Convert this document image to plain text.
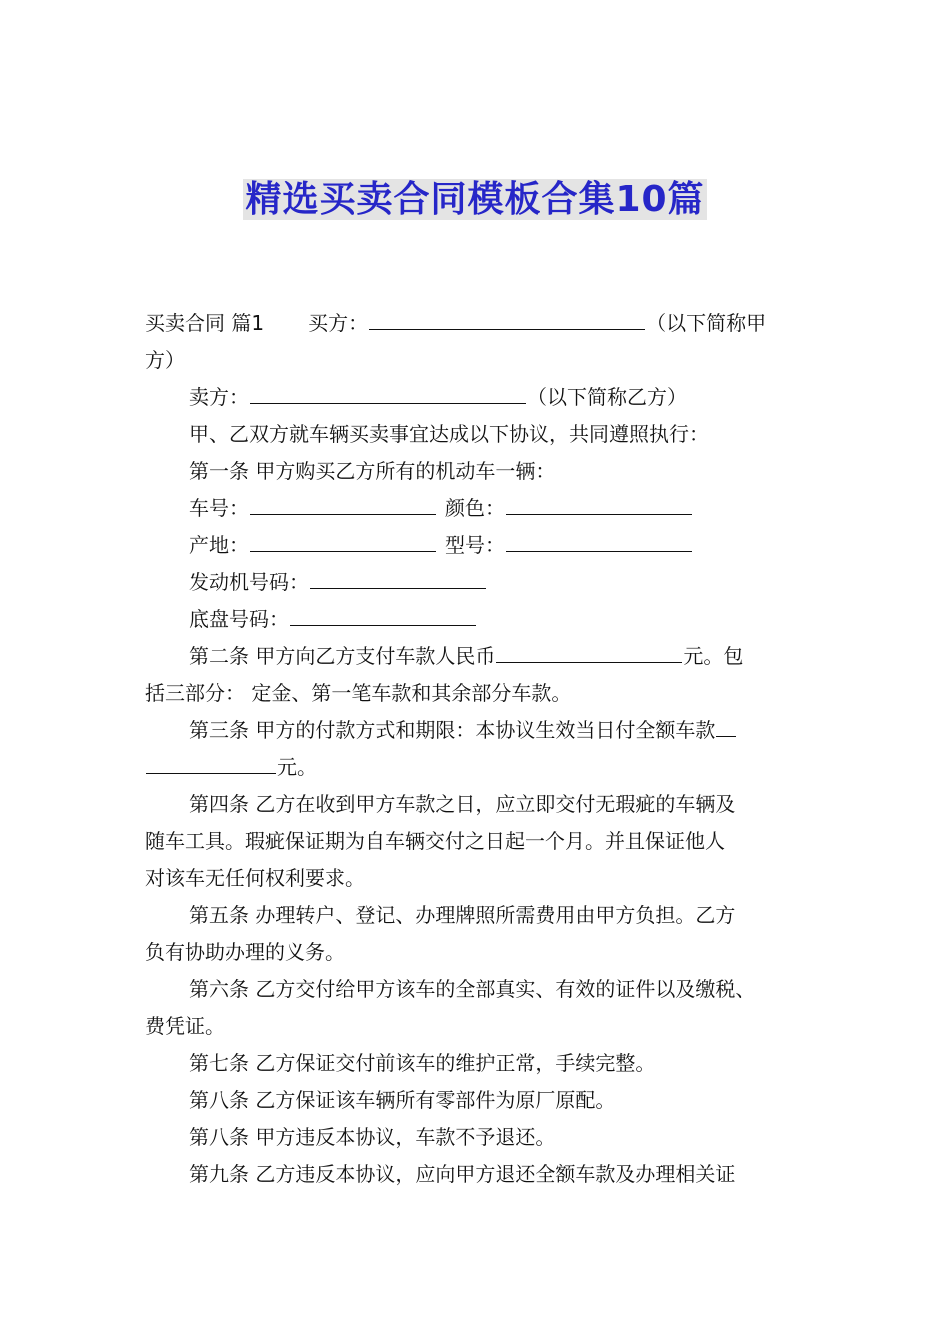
精选买卖合同模板合集10篇
买卖合同 篇1 买方：	（以下简称甲
方）
卖方：	（以下简称乙方）
甲、乙双方就车辆买卖事宜达成以下协议，共同遵照执行：
第一条 甲方购买乙方所有的机动车一辆：
车号：	颜色：
产地：	型号：
发动机号码：
底盘号码：
第二条 甲方向乙方支付车款人民币	元。包
括三部分： 定金、第一笔车款和其余部分车款。
第三条 甲方的付款方式和期限：本协议生效当日付全额车款
元。
第四条 乙方在收到甲方车款之日，应立即交付无瑕疵的车辆及
随车工具。瑕疵保证期为自车辆交付之日起一个月。并且保证他人
对该车无任何权利要求。
第五条 办理转户、登记、办理牌照所需费用由甲方负担。乙方
负有协助办理的义务。
第六条 乙方交付给甲方该车的全部真实、有效的证件以及缴税、
费凭证。
第七条 乙方保证交付前该车的维护正常，手续完整。
第八条 乙方保证该车辆所有零部件为原厂原配。
第八条 甲方违反本协议，车款不予退还。
第九条 乙方违反本协议，应向甲方退还全额车款及办理相关证
